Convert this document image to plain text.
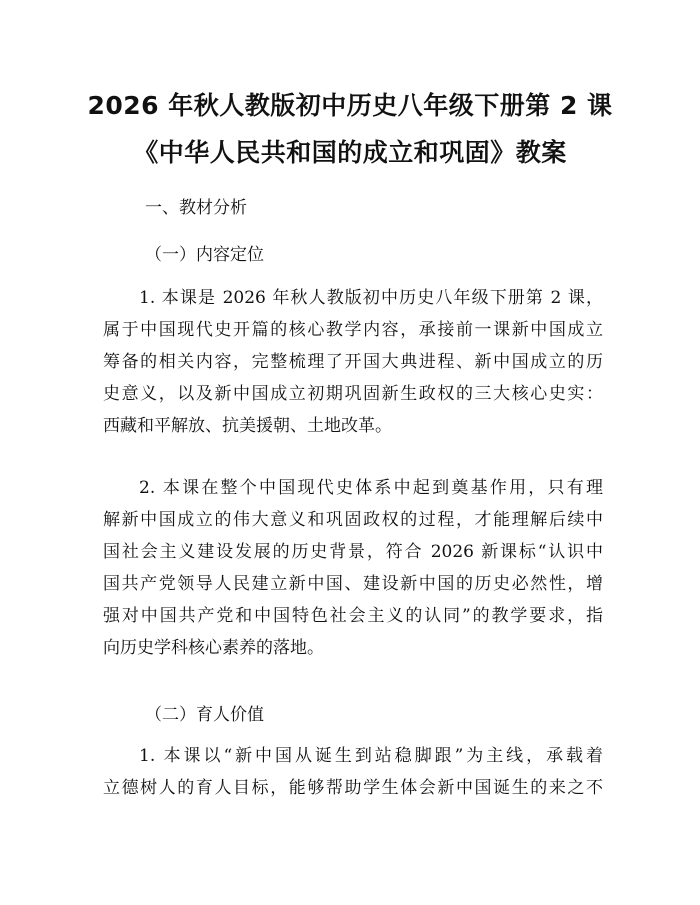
2026 年秋人教版初中历史八年级下册第 2 课
《中华人民共和国的成立和巩固》教案
一、教材分析
（一）内容定位
1. 本课是 2026 年秋人教版初中历史八年级下册第 2 课，
属于中国现代史开篇的核心教学内容，承接前一课新中国成立
筹备的相关内容，完整梳理了开国大典进程、新中国成立的历
史意义，以及新中国成立初期巩固新生政权的三大核心史实：
西藏和平解放、抗美援朝、土地改革。
2. 本课在整个中国现代史体系中起到奠基作用，只有理
解新中国成立的伟大意义和巩固政权的过程，才能理解后续中
国社会主义建设发展的历史背景，符合 2026 新课标“认识中
国共产党领导人民建立新中国、建设新中国的历史必然性，增
强对中国共产党和中国特色社会主义的认同”的教学要求，指
向历史学科核心素养的落地。
（二）育人价值
1. 本课以“新中国从诞生到站稳脚跟”为主线，承载着
立德树人的育人目标，能够帮助学生体会新中国诞生的来之不
